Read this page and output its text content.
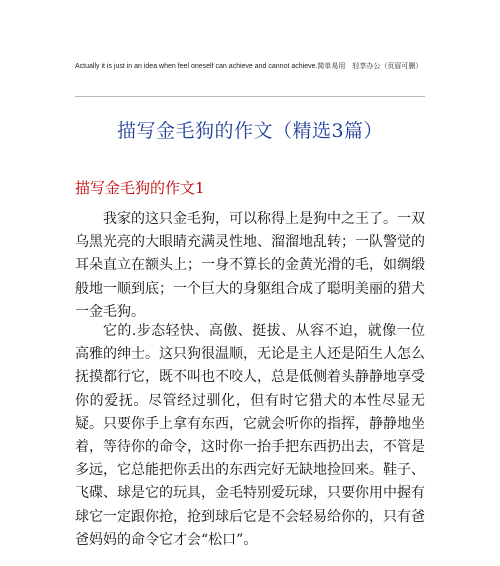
Actually it is just in an idea when feel oneself can achieve and cannot achieve.简单易用　轻享办公（页眉可删）
描写金毛狗的作文（精选3篇）
描写金毛狗的作文1
我家的这只金毛狗，可以称得上是狗中之王了。一双乌黑光亮的大眼睛充满灵性地、溜溜地乱转；一队警觉的耳朵直立在额头上；一身不算长的金黄光滑的毛，如绸缎般地一顺到底；一个巨大的身躯组合成了聪明美丽的猎犬一金毛狗。
它的.步态轻快、高傲、挺拔、从容不迫，就像一位高雅的绅士。这只狗很温顺，无论是主人还是陌生人怎么抚摸都行它，既不叫也不咬人，总是低侧着头静静地享受你的爱抚。尽管经过驯化，但有时它猎犬的本性尽显无疑。只要你手上拿有东西，它就会听你的指挥，静静地坐着，等待你的命令，这时你一抬手把东西扔出去，不管是多远，它总能把你丢出的东西完好无缺地捡回来。鞋子、飞碟、球是它的玩具，金毛特别爱玩球，只要你用中握有球它一定跟你抢，抢到球后它是不会轻易给你的，只有爸爸妈妈的命令它才会“松口”。
